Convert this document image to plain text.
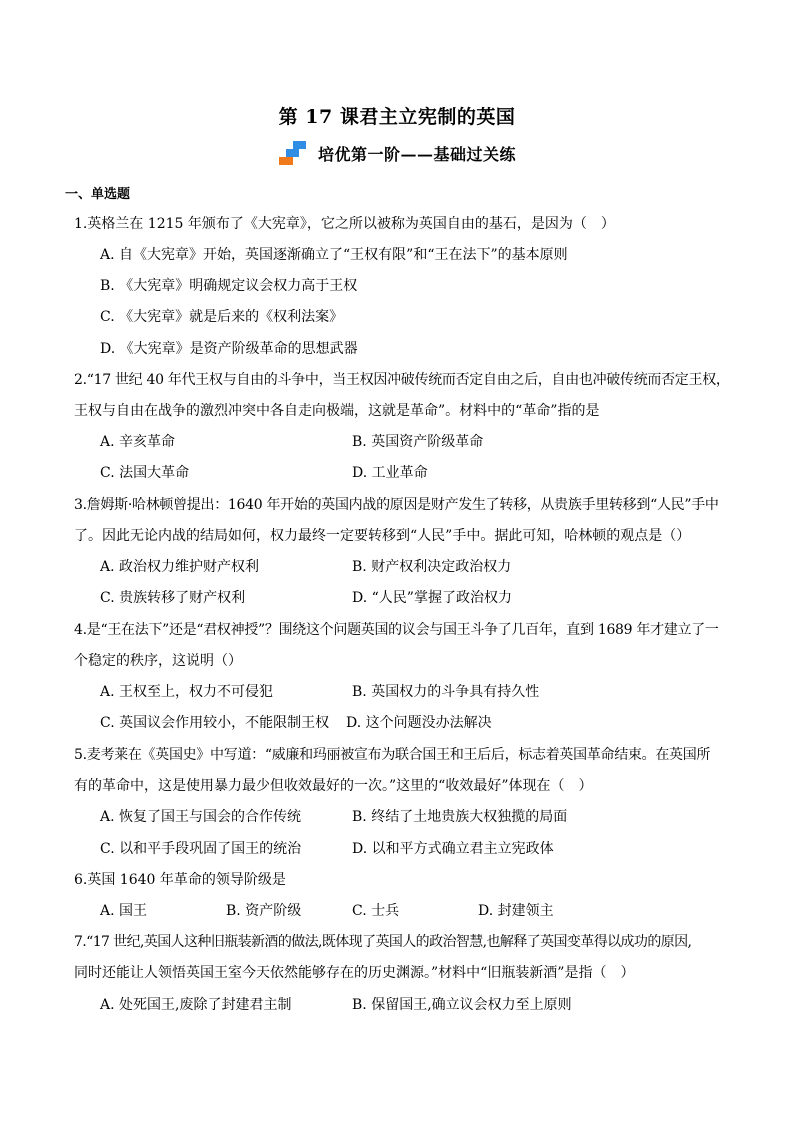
第 17 课君主立宪制的英国
培优第一阶——基础过关练
一、单选题
1.英格兰在 1215 年颁布了《大宪章》，它之所以被称为英国自由的基石，是因为（　）
A. 自《大宪章》开始，英国逐渐确立了“王权有限”和“王在法下”的基本原则
B. 《大宪章》明确规定议会权力高于王权
C. 《大宪章》就是后来的《权利法案》
D. 《大宪章》是资产阶级革命的思想武器
2.“17 世纪 40 年代王权与自由的斗争中，当王权因冲破传统而否定自由之后，自由也冲破传统而否定王权，
王权与自由在战争的激烈冲突中各自走向极端，这就是革命”。材料中的“革命”指的是
A. 辛亥革命	B. 英国资产阶级革命
C. 法国大革命	D. 工业革命
3.詹姆斯·哈林顿曾提出：1640 年开始的英国内战的原因是财产发生了转移，从贵族手里转移到“人民”手中
了。因此无论内战的结局如何，权力最终一定要转移到“人民”手中。据此可知，哈林顿的观点是（）
A. 政治权力维护财产权利	B. 财产权利决定政治权力
C. 贵族转移了财产权利	D. “人民”掌握了政治权力
4.是“王在法下”还是“君权神授”？围绕这个问题英国的议会与国王斗争了几百年，直到 1689 年才建立了一
个稳定的秩序，这说明（）
A. 王权至上，权力不可侵犯	B. 英国权力的斗争具有持久性
C. 英国议会作用较小，不能限制王权 D. 这个问题没办法解决
5.麦考莱在《英国史》中写道：“威廉和玛丽被宣布为联合国王和王后后，标志着英国革命结束。在英国所
有的革命中，这是使用暴力最少但收效最好的一次。”这里的“收效最好”体现在（　）
A. 恢复了国王与国会的合作传统	B. 终结了土地贵族大权独揽的局面
C. 以和平手段巩固了国王的统治	D. 以和平方式确立君主立宪政体
6.英国 1640 年革命的领导阶级是
A. 国王	B. 资产阶级	C. 士兵	D. 封建领主
7.“17 世纪,英国人这种旧瓶装新酒的做法,既体现了英国人的政治智慧,也解释了英国变革得以成功的原因,
同时还能让人领悟英国王室今天依然能够存在的历史渊源。”材料中“旧瓶装新酒”是指（　）
A. 处死国王,废除了封建君主制	B. 保留国王,确立议会权力至上原则
